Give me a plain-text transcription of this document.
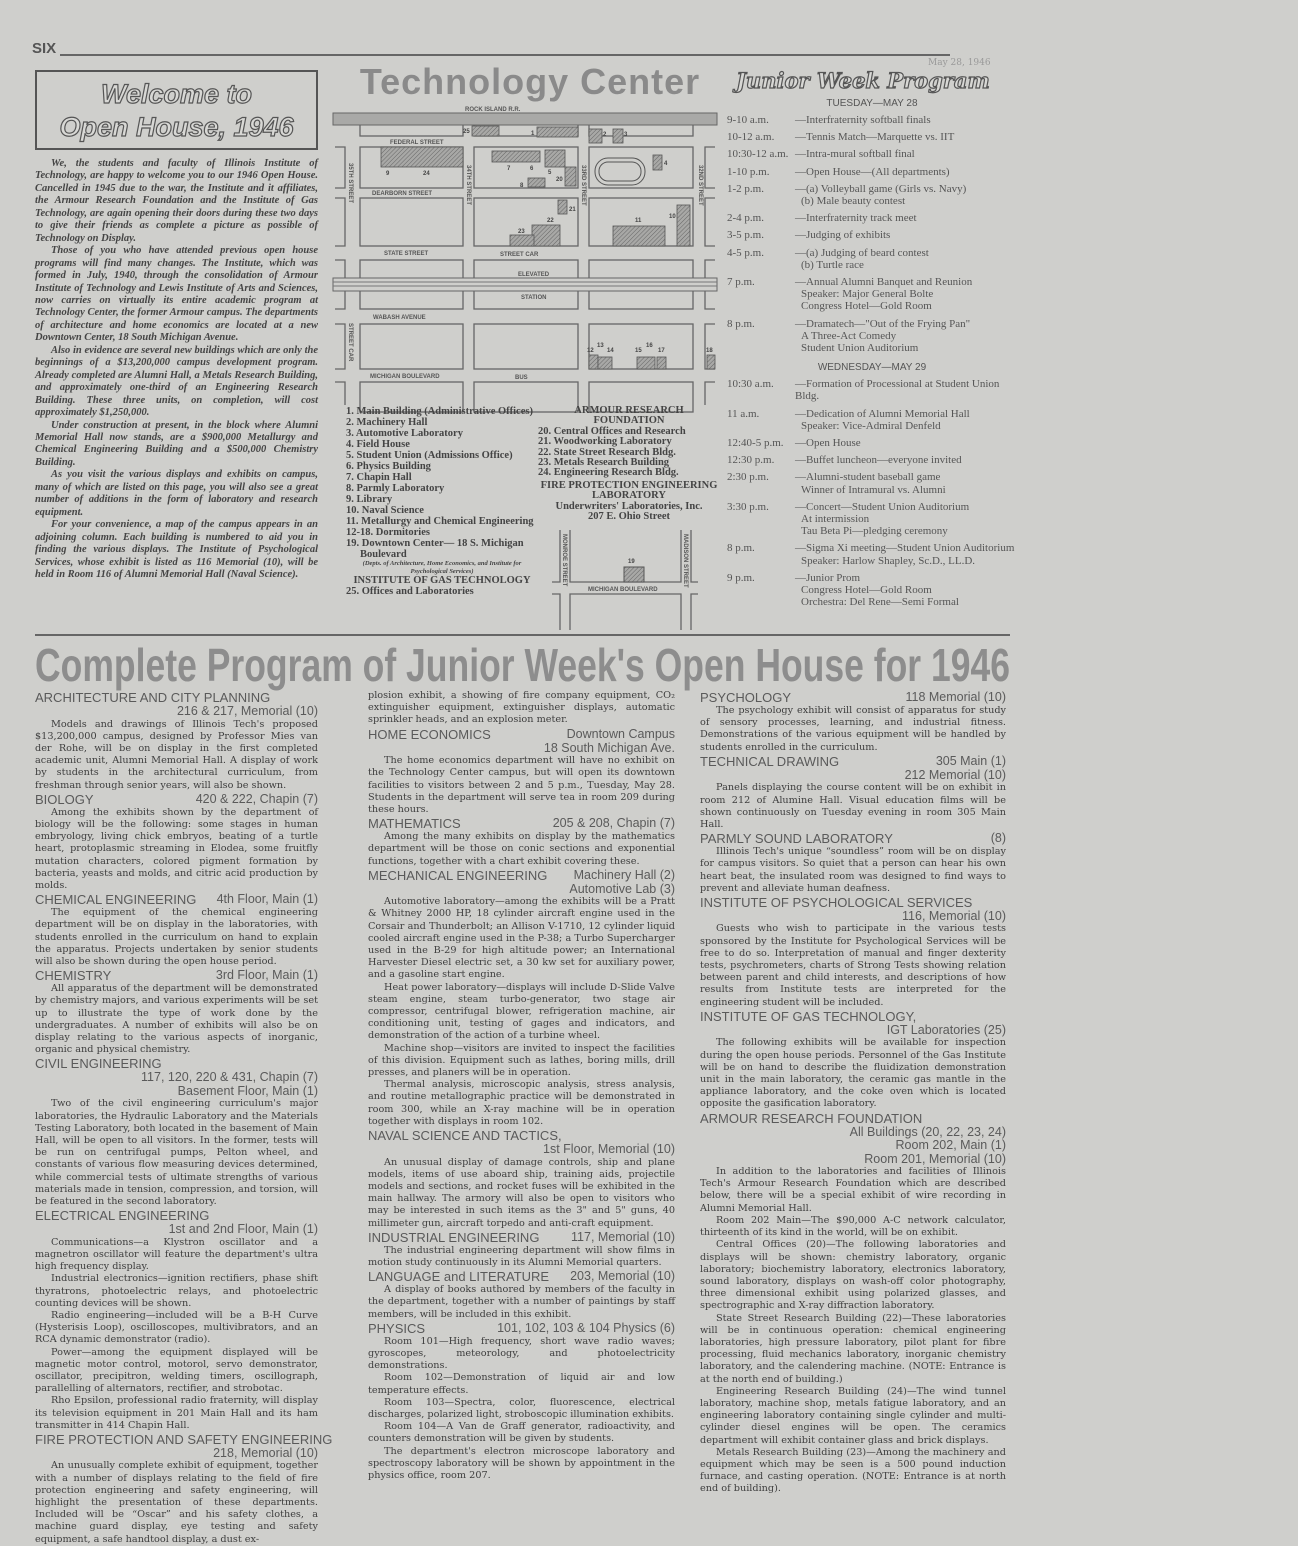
SIX
May 28, 1946
Welcome to
Open House, 1946

We, the students and faculty of Illinois Institute of Technology, are happy to welcome you to our 1946 Open House. Cancelled in 1945 due to the war, the Institute and it affiliates, the Armour Research Foundation and the Institute of Gas Technology, are again opening their doors during these two days to give their friends as complete a picture as possible of Technology on Display.

Those of you who have attended previous open house programs will find many changes. The Institute, which was formed in July, 1940, through the consolidation of Armour Institute of Technology and Lewis Institute of Arts and Sciences, now carries on virtually its entire academic program at Technology Center, the former Armour campus. The departments of architecture and home economics are located at a new Downtown Center, 18 South Michigan Avenue.

Also in evidence are several new buildings which are only the beginnings of a $13,200,000 campus development program. Already completed are Alumni Hall, a Metals Research Building, and approximately one-third of an Engineering Research Building. These three units, on completion, will cost approximately $1,250,000.

Under construction at present, in the block where Alumni Memorial Hall now stands, are a $900,000 Metallurgy and Chemical Engineering Building and a $500,000 Chemistry Building.

As you visit the various displays and exhibits on campus, many of which are listed on this page, you will also see a great number of additions in the form of laboratory and research equipment.

For your convenience, a map of the campus appears in an adjoining column. Each building is numbered to aid you in finding the various displays. The Institute of Psychological Services, whose exhibit is listed as 116 Memorial (10), will be held in Room 116 of Alumni Memorial Hall (Naval Science).

Technology Center
ROCK ISLAND R.R.
FEDERAL STREET
DEARBORN STREET
STATE STREET	STREET CAR
ELEVATED
STATION
WABASH AVENUE
MICHIGAN BOULEVARD	BUS
35TH STREET	34TH STREET	33RD STREET	32ND STREET
STREET CAR
25	1	2	3
9	24
7	6
5
20
8
4
21
22
23
11
10
12
13
14	15
16
17	18
1. Main Building (Administrative Offices)
2. Machinery Hall
3. Automotive Laboratory
4. Field House
5. Student Union (Admissions Office)
6. Physics Building
7. Chapin Hall
8. Parmly Laboratory
9. Library
10. Naval Science
11. Metallurgy and Chemical Engineering
12-18. Dormitories
19. Downtown Center— 18 S. Michigan Boulevard
(Depts. of Architecture, Home Economics, and Institute for Psychological Services)
INSTITUTE OF GAS TECHNOLOGY
25. Offices and Laboratories
ARMOUR RESEARCH FOUNDATION
20. Central Offices and Research
21. Woodworking Laboratory
22. State Street Research Bldg.
23. Metals Research Building
24. Engineering Research Bldg.
FIRE PROTECTION ENGINEERING LABORATORY
Underwriters' Laboratories, Inc.
207 E. Ohio Street
19
MONROE STREET	MADISON STREET
MICHIGAN BOULEVARD
Junior Week Program
TUESDAY—MAY 28
9-10 a.m.	—Interfraternity softball finals
10-12 a.m.	—Tennis Match—Marquette vs. IIT
10:30-12 a.m. —Intra-mural softball final
1-10 p.m.	—Open House—(All departments)
1-2 p.m.	—(a) Volleyball game (Girls vs. Navy)
(b) Male beauty contest
2-4 p.m.	—Interfraternity track meet
3-5 p.m.	—Judging of exhibits
4-5 p.m.	—(a) Judging of beard contest
(b) Turtle race
7 p.m.	—Annual Alumni Banquet and Reunion
Speaker: Major General Bolte
Congress Hotel—Gold Room
8 p.m.	—Dramatech—"Out of the Frying Pan"
A Three-Act Comedy
Student Union Auditorium
WEDNESDAY—MAY 29
10:30 a.m.	—Formation of Processional at Student Union Bldg.
11 a.m.	—Dedication of Alumni Memorial Hall
Speaker: Vice-Admiral Denfeld
12:40-5 p.m.	—Open House
12:30 p.m.	—Buffet luncheon—everyone invited
2:30 p.m.	—Alumni-student baseball game
Winner of Intramural vs. Alumni
3:30 p.m.	—Concert—Student Union Auditorium
At intermission
Tau Beta Pi—pledging ceremony
8 p.m.	—Sigma Xi meeting—Student Union Auditorium
Speaker: Harlow Shapley, Sc.D., LL.D.
9 p.m.	—Junior Prom
Congress Hotel—Gold Room
Orchestra: Del Rene—Semi Formal
Complete Program of Junior Week's Open House for 1946
ARCHITECTURE AND CITY PLANNING
216 & 217, Memorial (10)

Models and drawings of Illinois Tech's proposed $13,200,000 campus, designed by Professor Mies van der Rohe, will be on display in the first completed academic unit, Alumni Memorial Hall. A display of work by students in the architectural curriculum, from freshman through senior years, will also be shown.

BIOLOGY	420 & 222, Chapin (7)

Among the exhibits shown by the department of biology will be the following: some stages in human embryology, living chick embryos, beating of a turtle heart, protoplasmic streaming in Elodea, some fruitfly mutation characters, colored pigment formation by bacteria, yeasts and molds, and citric acid production by molds.

CHEMICAL ENGINEERING 4th Floor, Main (1)

The equipment of the chemical engineering department will be on display in the laboratories, with students enrolled in the curriculum on hand to explain the apparatus. Projects undertaken by senior students will also be shown during the open house period.

CHEMISTRY	3rd Floor, Main (1)

All apparatus of the department will be demonstrated by chemistry majors, and various experiments will be set up to illustrate the type of work done by the undergraduates. A number of exhibits will also be on display relating to the various aspects of inorganic, organic and physical chemistry.

CIVIL ENGINEERING
117, 120, 220 & 431, Chapin (7)
Basement Floor, Main (1)

Two of the civil engineering curriculum's major laboratories, the Hydraulic Laboratory and the Materials Testing Laboratory, both located in the basement of Main Hall, will be open to all visitors. In the former, tests will be run on centrifugal pumps, Pelton wheel, and constants of various flow measuring devices determined, while commercial tests of ultimate strengths of various materials made in tension, compression, and torsion, will be featured in the second laboratory.

ELECTRICAL ENGINEERING
1st and 2nd Floor, Main (1)

Communications—a Klystron oscillator and a magnetron oscillator will feature the department's ultra high frequency display.

Industrial electronics—ignition rectifiers, phase shift thyratrons, photoelectric relays, and photoelectric counting devices will be shown.

Radio engineering—included will be a B-H Curve (Hysterisis Loop), oscilloscopes, multivibrators, and an RCA dynamic demonstrator (radio).

Power—among the equipment displayed will be magnetic motor control, motorol, servo demonstrator, oscillator, precipitron, welding timers, oscillograph, parallelling of alternators, rectifier, and strobotac.

Rho Epsilon, professional radio fraternity, will display its television equipment in 201 Main Hall and its ham transmitter in 414 Chapin Hall.

FIRE PROTECTION AND SAFETY ENGINEERING
218, Memorial (10)

An unusually complete exhibit of equipment, together with a number of displays relating to the field of fire protection engineering and safety engineering, will highlight the presentation of these departments. Included will be “Oscar” and his safety clothes, a machine guard display, eye testing and safety equipment, a safe handtool display, a dust ex-

plosion exhibit, a showing of fire company equipment, CO₂ extinguisher equipment, extinguisher displays, automatic sprinkler heads, and an explosion meter.

HOME ECONOMICS	Downtown Campus
18 South Michigan Ave.

The home economics department will have no exhibit on the Technology Center campus, but will open its downtown facilities to visitors between 2 and 5 p.m., Tuesday, May 28. Students in the department will serve tea in room 209 during these hours.

MATHEMATICS	205 & 208, Chapin (7)

Among the many exhibits on display by the mathematics department will be those on conic sections and exponential functions, together with a chart exhibit covering these.

MECHANICAL ENGINEERING Machinery Hall (2)
Automotive Lab (3)

Automotive laboratory—among the exhibits will be a Pratt & Whitney 2000 HP, 18 cylinder aircraft engine used in the Corsair and Thunderbolt; an Allison V-1710, 12 cylinder liquid cooled aircraft engine used in the P-38; a Turbo Supercharger used in the B-29 for high altitude power; an International Harvester Diesel electric set, a 30 kw set for auxiliary power, and a gasoline start engine.

Heat power laboratory—displays will include D-Slide Valve steam engine, steam turbo-generator, two stage air compressor, centrifugal blower, refrigeration machine, air conditioning unit, testing of gages and indicators, and demonstration of the action of a turbine wheel.

Machine shop—visitors are invited to inspect the facilities of this division. Equipment such as lathes, boring mills, drill presses, and planers will be in operation.

Thermal analysis, microscopic analysis, stress analysis, and routine metallographic practice will be demonstrated in room 300, while an X-ray machine will be in operation together with displays in room 102.

NAVAL SCIENCE AND TACTICS,
1st Floor, Memorial (10)

An unusual display of damage controls, ship and plane models, items of use aboard ship, training aids, projectile models and sections, and rocket fuses will be exhibited in the main hallway. The armory will also be open to visitors who may be interested in such items as the 3" and 5" guns, 40 millimeter gun, aircraft torpedo and anti-craft equipment.

INDUSTRIAL ENGINEERING	117, Memorial (10)

The industrial engineering department will show films in motion study continuously in its Alumni Memorial quarters.

LANGUAGE and LITERATURE 203, Memorial (10)

A display of books authored by members of the faculty in the department, together with a number of paintings by staff members, will be included in this exhibit.

PHYSICS	101, 102, 103 & 104 Physics (6)

Room 101—High frequency, short wave radio waves; gyroscopes, meteorology, and photoelectricity demonstrations.

Room 102—Demonstration of liquid air and low temperature effects.

Room 103—Spectra, color, fluorescence, electrical discharges, polarized light, stroboscopic illumination exhibits.

Room 104—A Van de Graff generator, radioactivity, and counters demonstration will be given by students.

The department's electron microscope laboratory and spectroscopy laboratory will be shown by appointment in the physics office, room 207.

PSYCHOLOGY	118 Memorial (10)

The psychology exhibit will consist of apparatus for study of sensory processes, learning, and industrial fitness. Demonstrations of the various equipment will be handled by students enrolled in the curriculum.

TECHNICAL DRAWING	305 Main (1)
212 Memorial (10)

Panels displaying the course content will be on exhibit in room 212 of Alumine Hall. Visual education films will be shown continuously on Tuesday evening in room 305 Main Hall.

PARMLY SOUND LABORATORY	(8)

Illinois Tech's unique “soundless” room will be on display for campus visitors. So quiet that a person can hear his own heart beat, the insulated room was designed to find ways to prevent and alleviate human deafness.

INSTITUTE OF PSYCHOLOGICAL SERVICES
116, Memorial (10)

Guests who wish to participate in the various tests sponsored by the Institute for Psychological Services will be free to do so. Interpretation of manual and finger dexterity tests, psychrometers, charts of Strong Tests showing relation between parent and child interests, and descriptions of how results from Institute tests are interpreted for the engineering student will be included.

INSTITUTE OF GAS TECHNOLOGY,
IGT Laboratories (25)

The following exhibits will be available for inspection during the open house periods. Personnel of the Gas Institute will be on hand to describe the fluidization demonstration unit in the main laboratory, the ceramic gas mantle in the appliance laboratory, and the coke oven which is located opposite the gasification laboratory.

ARMOUR RESEARCH FOUNDATION
All Buildings (20, 22, 23, 24)
Room 202, Main (1)
Room 201, Memorial (10)

In addition to the laboratories and facilities of Illinois Tech's Armour Research Foundation which are described below, there will be a special exhibit of wire recording in Alumni Memorial Hall.

Room 202 Main—The $90,000 A-C network calculator, thirteenth of its kind in the world, will be on exhibit.

Central Offices (20)—The following laboratories and displays will be shown: chemistry laboratory, organic laboratory; biochemistry laboratory, electronics laboratory, sound laboratory, displays on wash-off color photography, three dimensional exhibit using polarized glasses, and spectrographic and X-ray diffraction laboratory.

State Street Research Building (22)—These laboratories will be in continuous operation: chemical engineering laboratories, high pressure laboratory, pilot plant for fibre processing, fluid mechanics laboratory, inorganic chemistry laboratory, and the calendering machine. (NOTE: Entrance is at the north end of building.)

Engineering Research Building (24)—The wind tunnel laboratory, machine shop, metals fatigue laboratory, and an engineering laboratory containing single cylinder and multi-cylinder diesel engines will be open. The ceramics department will exhibit container glass and brick displays.

Metals Research Building (23)—Among the machinery and equipment which may be seen is a 500 pound induction furnace, and casting operation. (NOTE: Entrance is at north end of building).
